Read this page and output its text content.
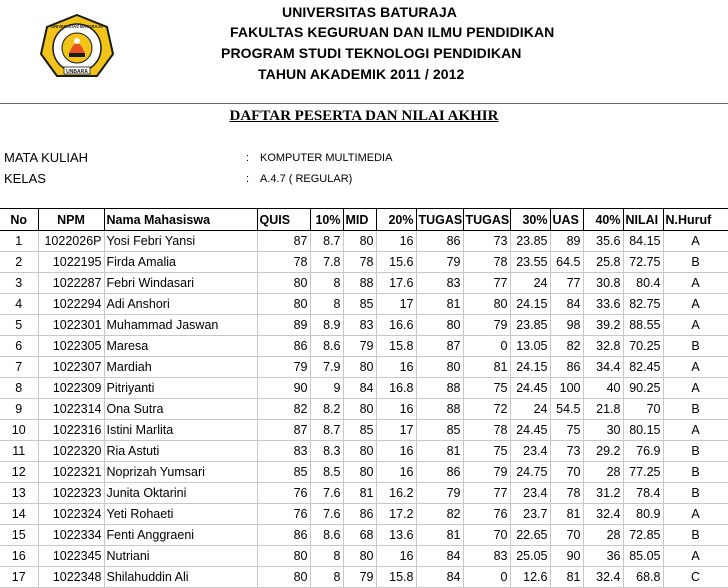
UNBARA
UNIVERSITAS BATURAJA
UNIVERSITAS BATURAJA
FAKULTAS KEGURUAN DAN ILMU PENDIDIKAN
PROGRAM STUDI TEKNOLOGI PENDIDIKAN
TAHUN AKADEMIK 2011 / 2012
DAFTAR PESERTA DAN NILAI AKHIR
MATA KULIAH	: KOMPUTER MULTIMEDIA
KELAS	: A.4.7 ( REGULAR)
No	NPM	Nama Mahasiswa	QUIS	10%	MID	20%	TUGAS	TUGAS	30%	UAS	40%	NILAI	N.Huruf
1	1022026P	Yosi Febri Yansi	87	8.7	80	16	86	73	23.85	89	35.6	84.15	A
2	1022195	Firda Amalia	78	7.8	78	15.6	79	78	23.55	64.5	25.8	72.75	B
3	1022287	Febri Windasari	80	8	88	17.6	83	77	24	77	30.8	80.4	A
4	1022294	Adi Anshori	80	8	85	17	81	80	24.15	84	33.6	82.75	A
5	1022301	Muhammad Jaswan	89	8.9	83	16.6	80	79	23.85	98	39.2	88.55	A
6	1022305	Maresa	86	8.6	79	15.8	87	0	13.05	82	32.8	70.25	B
7	1022307	Mardiah	79	7.9	80	16	80	81	24.15	86	34.4	82.45	A
8	1022309	Pitriyanti	90	9	84	16.8	88	75	24.45	100	40	90.25	A
9	1022314	Ona Sutra	82	8.2	80	16	88	72	24	54.5	21.8	70	B
10	1022316	Istini Marlita	87	8.7	85	17	85	78	24.45	75	30	80.15	A
11	1022320	Ria Astuti	83	8.3	80	16	81	75	23.4	73	29.2	76.9	B
12	1022321	Noprizah Yumsari	85	8.5	80	16	86	79	24.75	70	28	77.25	B
13	1022323	Junita Oktarini	76	7.6	81	16.2	79	77	23.4	78	31.2	78.4	B
14	1022324	Yeti Rohaeti	76	7.6	86	17.2	82	76	23.7	81	32.4	80.9	A
15	1022334	Fenti Anggraeni	86	8.6	68	13.6	81	70	22.65	70	28	72.85	B
16	1022345	Nutriani	80	8	80	16	84	83	25.05	90	36	85.05	A
17	1022348	Shilahuddin Ali	80	8	79	15.8	84	0	12.6	81	32.4	68.8	C
